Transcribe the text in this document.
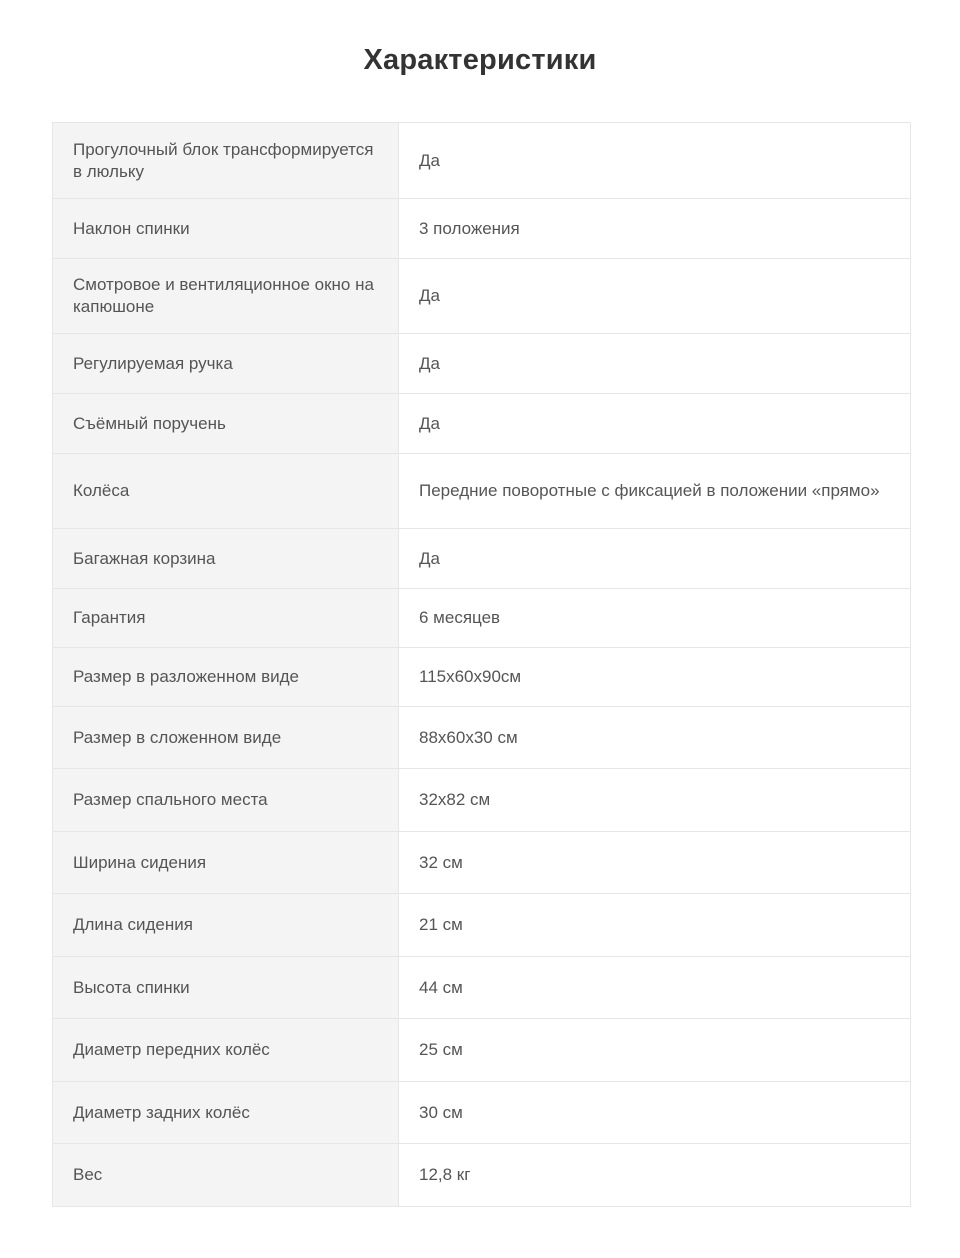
Характеристики
Прогулочный блок трансформируется в люльку	Да
Наклон спинки	3 положения
Смотровое и вентиляционное окно на капюшоне	Да
Регулируемая ручка	Да
Съёмный поручень	Да
Колёса	Передние поворотные с фиксацией в положении «прямо»
Багажная корзина	Да
Гарантия	6 месяцев
Размер в разложенном виде	115х60х90см
Размер в сложенном виде	88х60х30 см
Размер спального места	32х82 см
Ширина сидения	32 см
Длина сидения	21 см
Высота спинки	44 см
Диаметр передних колёс	25 см
Диаметр задних колёс	30 см
Вес	12,8 кг
